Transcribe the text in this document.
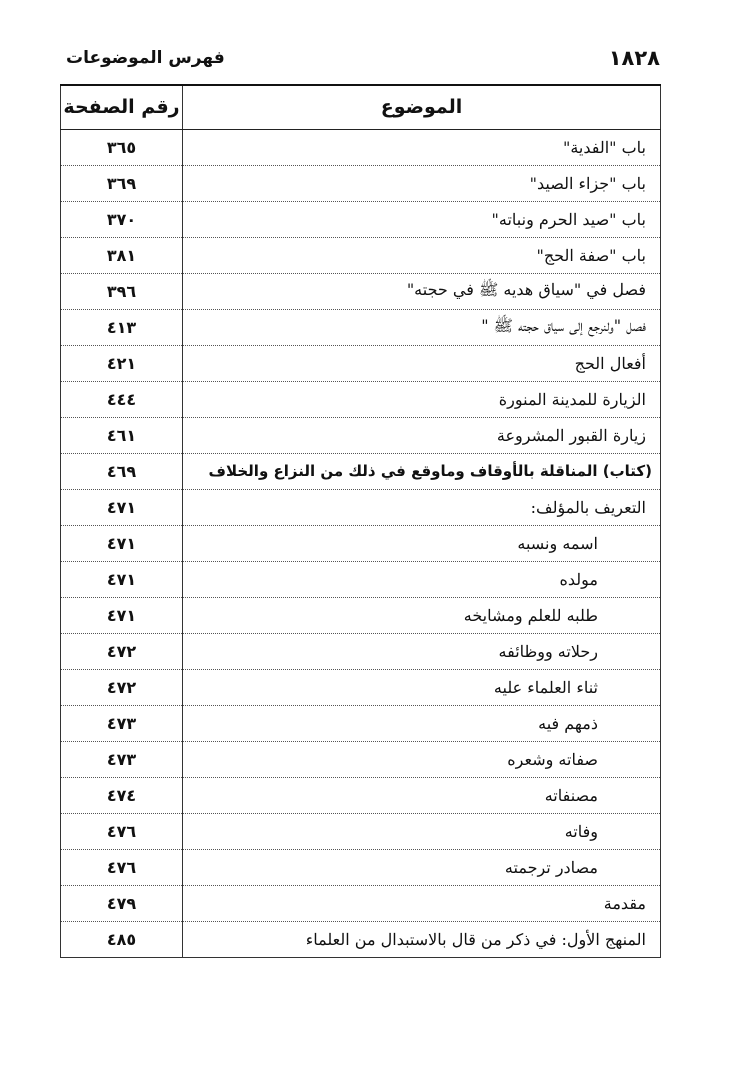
١٨٢٨
فهرس الموضوعات
الموضوع	رقم الصفحة
باب "الفدية"	٣٦٥
باب "جزاء الصيد"	٣٦٩
باب "صيد الحرم ونباته"	٣٧٠
باب "صفة الحج"	٣٨١
فصل في "سياق هديه ﷺ في حجته"	٣٩٦
فصل "ولنرجع إلى سياق حجته ﷺ "	٤١٣
أفعال الحج	٤٢١
الزيارة للمدينة المنورة	٤٤٤
زيارة القبور المشروعة	٤٦١
(كتاب) المناقلة بالأوقاف وماوقع في ذلك من النزاع والخلاف	٤٦٩
التعريف بالمؤلف:	٤٧١
اسمه ونسبه	٤٧١
مولده	٤٧١
طلبه للعلم ومشايخه	٤٧١
رحلاته ووظائفه	٤٧٢
ثناء العلماء عليه	٤٧٢
ذمهم فيه	٤٧٣
صفاته وشعره	٤٧٣
مصنفاته	٤٧٤
وفاته	٤٧٦
مصادر ترجمته	٤٧٦
مقدمة	٤٧٩
المنهج الأول: في ذكر من قال بالاستبدال من العلماء	٤٨٥
